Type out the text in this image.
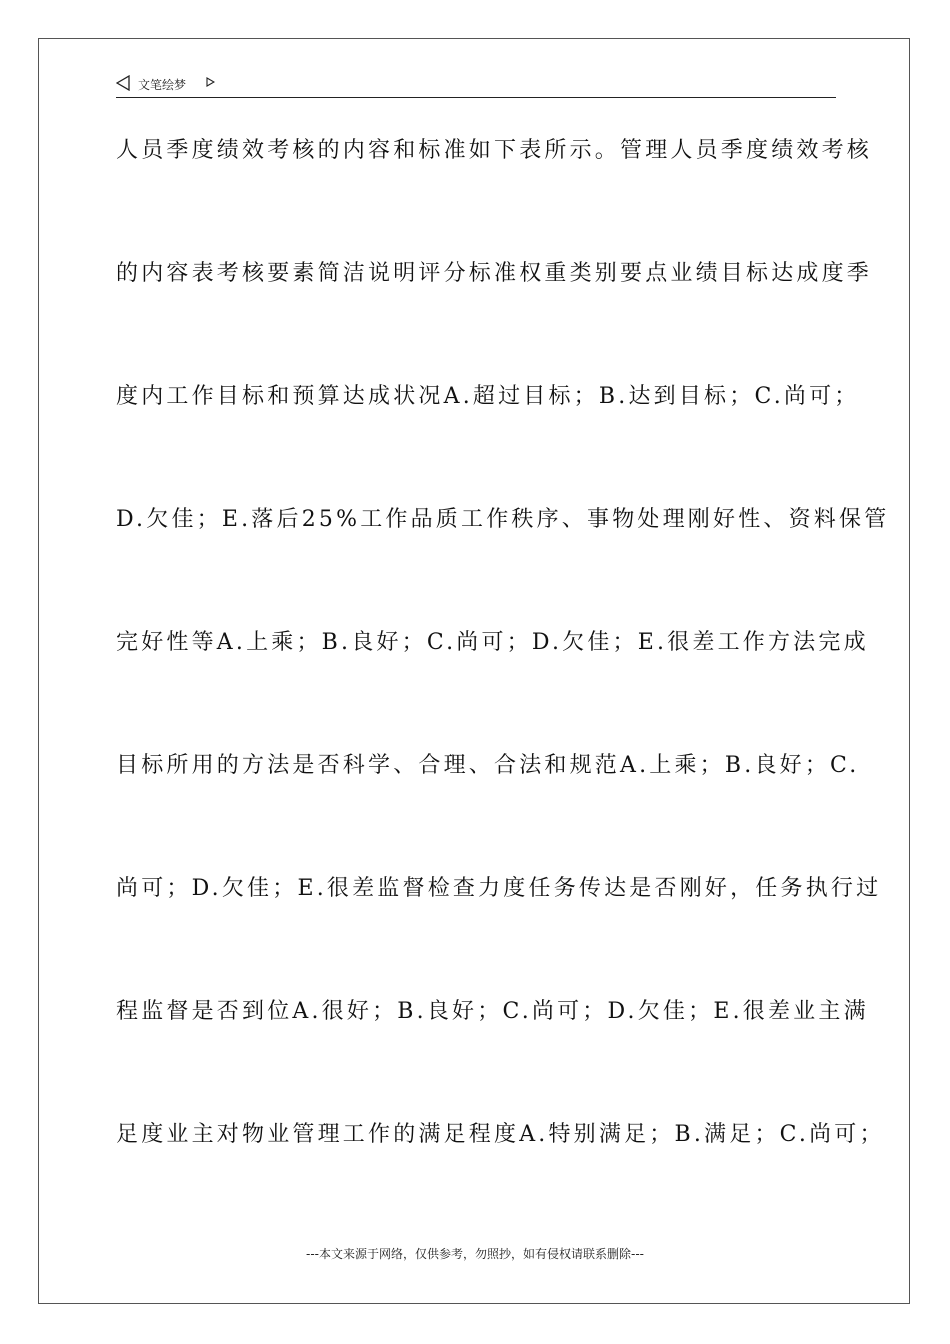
文笔绘梦
人员季度绩效考核的内容和标准如下表所示。管理人员季度绩效考核
的内容表考核要素简洁说明评分标准权重类别要点业绩目标达成度季
度内工作目标和预算达成状况A.超过目标；B.达到目标；C.尚可；
D.欠佳；E.落后25%工作品质工作秩序、事物处理刚好性、资料保管
完好性等A.上乘；B.良好；C.尚可；D.欠佳；E.很差工作方法完成
目标所用的方法是否科学、合理、合法和规范A.上乘；B.良好；C.
尚可；D.欠佳；E.很差监督检查力度任务传达是否刚好，任务执行过
程监督是否到位A.很好；B.良好；C.尚可；D.欠佳；E.很差业主满
足度业主对物业管理工作的满足程度A.特别满足；B.满足；C.尚可；
---本文来源于网络，仅供参考，勿照抄，如有侵权请联系删除---
